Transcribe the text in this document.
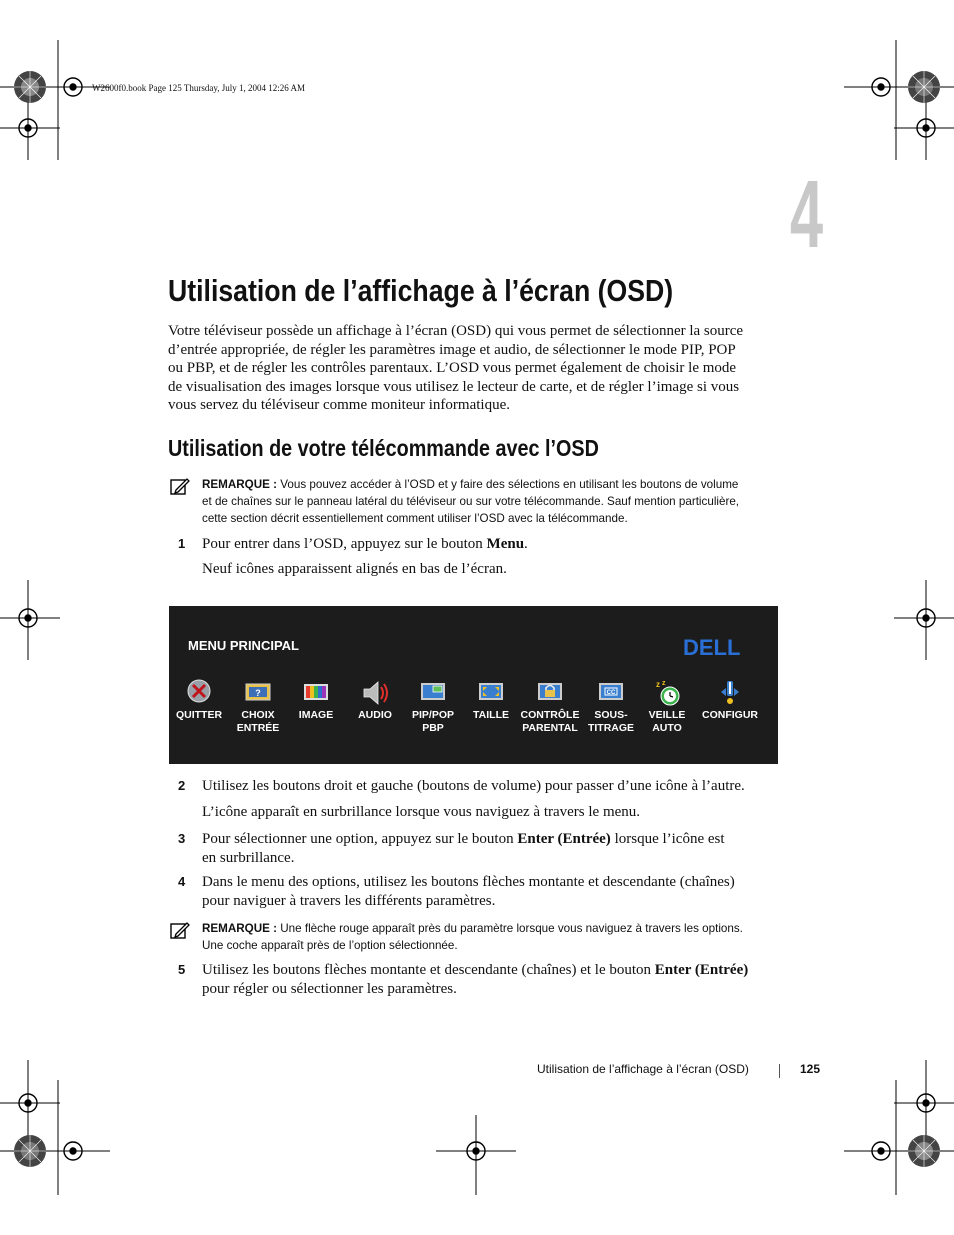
W2600f0.book Page 125 Thursday, July 1, 2004 12:26 AM
4
Utilisation de l’affichage à l’écran (OSD)
Votre téléviseur possède un affichage à l’écran (OSD) qui vous permet de sélectionner la source
d’entrée appropriée, de régler les paramètres image et audio, de sélectionner le mode PIP, POP
ou PBP, et de régler les contrôles parentaux. L’OSD vous permet également de choisir le mode
de visualisation des images lorsque vous utilisez le lecteur de carte, et de régler l’image si vous
vous servez du téléviseur comme moniteur informatique.
Utilisation de votre télécommande avec l’OSD
REMARQUE : Vous pouvez accéder à l’OSD et y faire des sélections en utilisant les boutons de volume
et de chaînes sur le panneau latéral du téléviseur ou sur votre télécommande. Sauf mention particulière,
cette section décrit essentiellement comment utiliser l’OSD avec la télécommande.
1 Pour entrer dans l’OSD, appuyez sur le bouton Menu.
Neuf icônes apparaissent alignés en bas de l’écran.
MENU PRINCIPAL	DELL
QUITTER
?
CHOIX
ENTRÉE
IMAGE	AUDIO	PIP/POP
PBP
TAILLE	CONTRÔLE
PARENTAL
CC
SOUS-
TITRAGE
z z
VEILLE
AUTO
CONFIGUR
2 Utilisez les boutons droit et gauche (boutons de volume) pour passer d’une icône à l’autre.
L’icône apparaît en surbrillance lorsque vous naviguez à travers le menu.
3 Pour sélectionner une option, appuyez sur le bouton Enter (Entrée) lorsque l’icône est
en surbrillance.
4 Dans le menu des options, utilisez les boutons flèches montante et descendante (chaînes)
pour naviguer à travers les différents paramètres.
REMARQUE : Une flèche rouge apparaît près du paramètre lorsque vous naviguez à travers les options.
Une coche apparaît près de l’option sélectionnée.
5 Utilisez les boutons flèches montante et descendante (chaînes) et le bouton Enter (Entrée)
pour régler ou sélectionner les paramètres.
Utilisation de l’affichage à l’écran (OSD)	125
